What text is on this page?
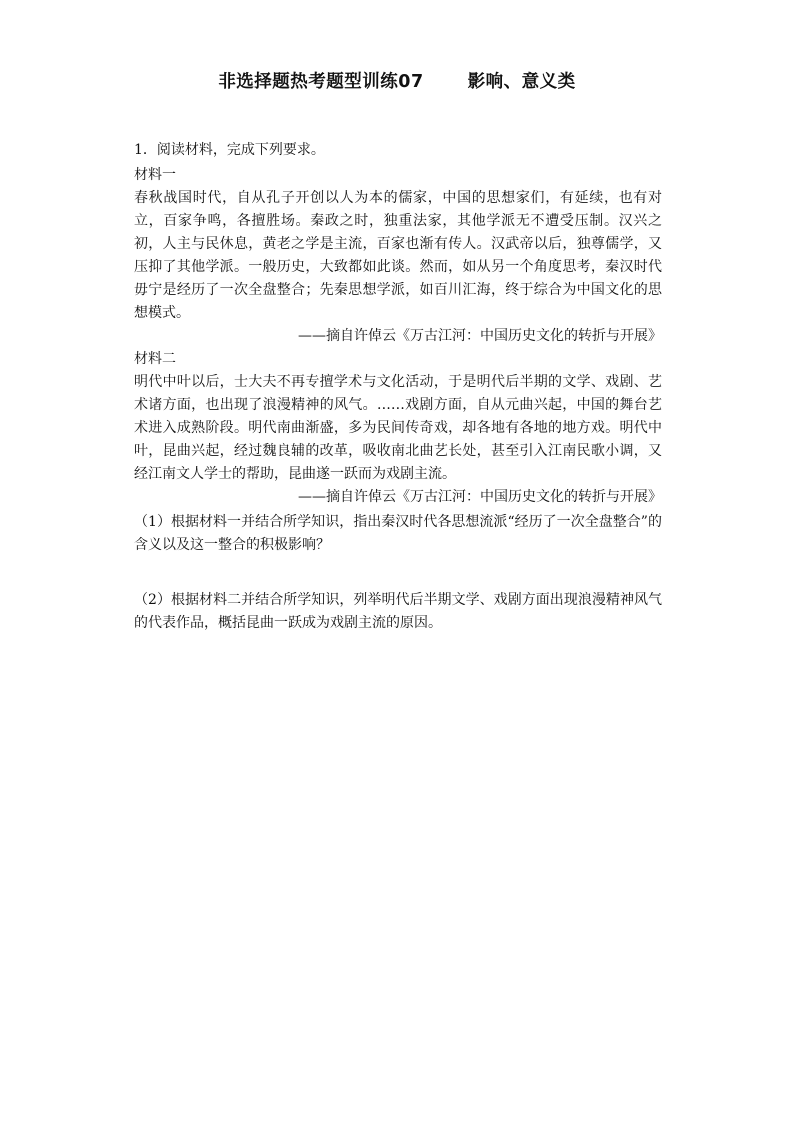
非选择题热考题型训练07	影响、意义类

1．阅读材料，完成下列要求。

材料一

春秋战国时代，自从孔子开创以人为本的儒家，中国的思想家们，有延续，也有对立，百家争鸣，各擅胜场。秦政之时，独重法家，其他学派无不遭受压制。汉兴之初，人主与民休息，黄老之学是主流，百家也渐有传人。汉武帝以后，独尊儒学，又压抑了其他学派。一般历史，大致都如此谈。然而，如从另一个角度思考，秦汉时代毋宁是经历了一次全盘整合；先秦思想学派，如百川汇海，终于综合为中国文化的思想模式。

——摘自许倬云《万古江河：中国历史文化的转折与开展》

材料二

明代中叶以后，士大夫不再专擅学术与文化活动，于是明代后半期的文学、戏剧、艺术诸方面，也出现了浪漫精神的风气。……戏剧方面，自从元曲兴起，中国的舞台艺术进入成熟阶段。明代南曲渐盛，多为民间传奇戏，却各地有各地的地方戏。明代中叶，昆曲兴起，经过魏良辅的改革，吸收南北曲艺长处，甚至引入江南民歌小调，又经江南文人学士的帮助，昆曲遂一跃而为戏剧主流。

——摘自许倬云《万古江河：中国历史文化的转折与开展》

（1）根据材料一并结合所学知识，指出秦汉时代各思想流派“经历了一次全盘整合”的含义以及这一整合的积极影响？

（2）根据材料二并结合所学知识，列举明代后半期文学、戏剧方面出现浪漫精神风气的代表作品，概括昆曲一跃成为戏剧主流的原因。
